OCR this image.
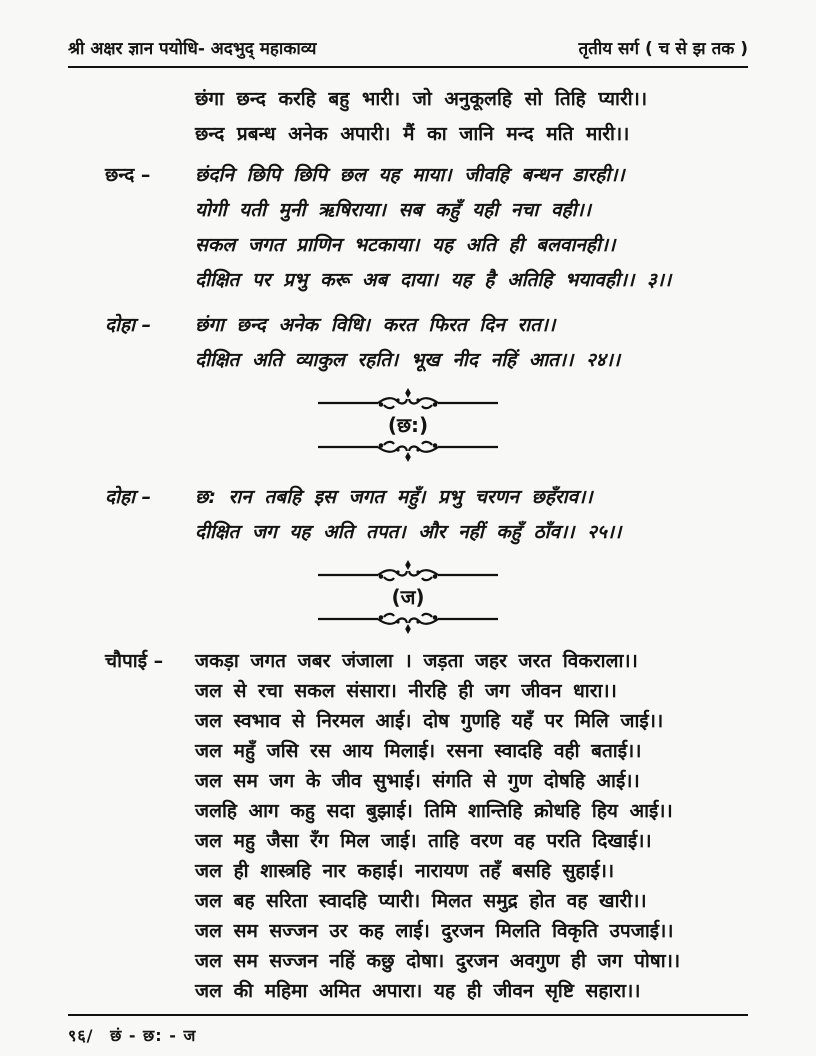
श्री अक्षर ज्ञान पयोधि- अदभुद् महाकाव्य	तृतीय सर्ग ( च से झ तक )
छंगा छन्द करहि बहु भारी। जो अनुकूलहि सो तिहि प्यारी।।
छन्द प्रबन्ध अनेक अपारी। मैं का जानि मन्द मति मारी।।
छन्द –	छंदनि छिपि छिपि छल यह माया। जीवहि बन्धन डारही।।
योगी यती मुनी ऋषिराया। सब कहुँ यही नचा वही।।
सकल जगत प्राणिन भटकाया। यह अति ही बलवानही।।
दीक्षित पर प्रभु करू अब दाया। यह है अतिहि भयावही।। ३।।
दोहा –	छंगा छन्द अनेक विधि। करत फिरत दिन रात।।
दीक्षित अति व्याकुल रहति। भूख नीद नहिं आत।। २४।।
(छ:)
दोहा –	छ: रान तबहि इस जगत महुँ। प्रभु चरणन छहँराव।।
दीक्षित जग यह अति तपत। और नहीं कहुँ ठाँव।। २५।।
(ज)
चौपाई –	जकड़ा जगत जबर जंजाला । जड़ता जहर जरत विकराला।।
जल से रचा सकल संसारा। नीरहि ही जग जीवन धारा।।
जल स्वभाव से निरमल आई। दोष गुणहि यहँ पर मिलि जाई।।
जल महुँ जसि रस आय मिलाई। रसना स्वादहि वही बताई।।
जल सम जग के जीव सुभाई। संगति से गुण दोषहि आई।।
जलहि आग कहु सदा बुझाई। तिमि शान्तिहि क्रोधहि हिय आई।।
जल महु जैसा रँग मिल जाई। ताहि वरण वह परति दिखाई।।
जल ही शास्त्रहि नार कहाई। नारायण तहँ बसहि सुहाई।।
जल बह सरिता स्वादहि प्यारी। मिलत समुद्र होत वह खारी।।
जल सम सज्जन उर कह लाई। दुरजन मिलति विकृति उपजाई।।
जल सम सज्जन नहिं कछु दोषा। दुरजन अवगुण ही जग पोषा।।
जल की महिमा अमित अपारा। यह ही जीवन सृष्टि सहारा।।
९६/ छं - छ: - ज
